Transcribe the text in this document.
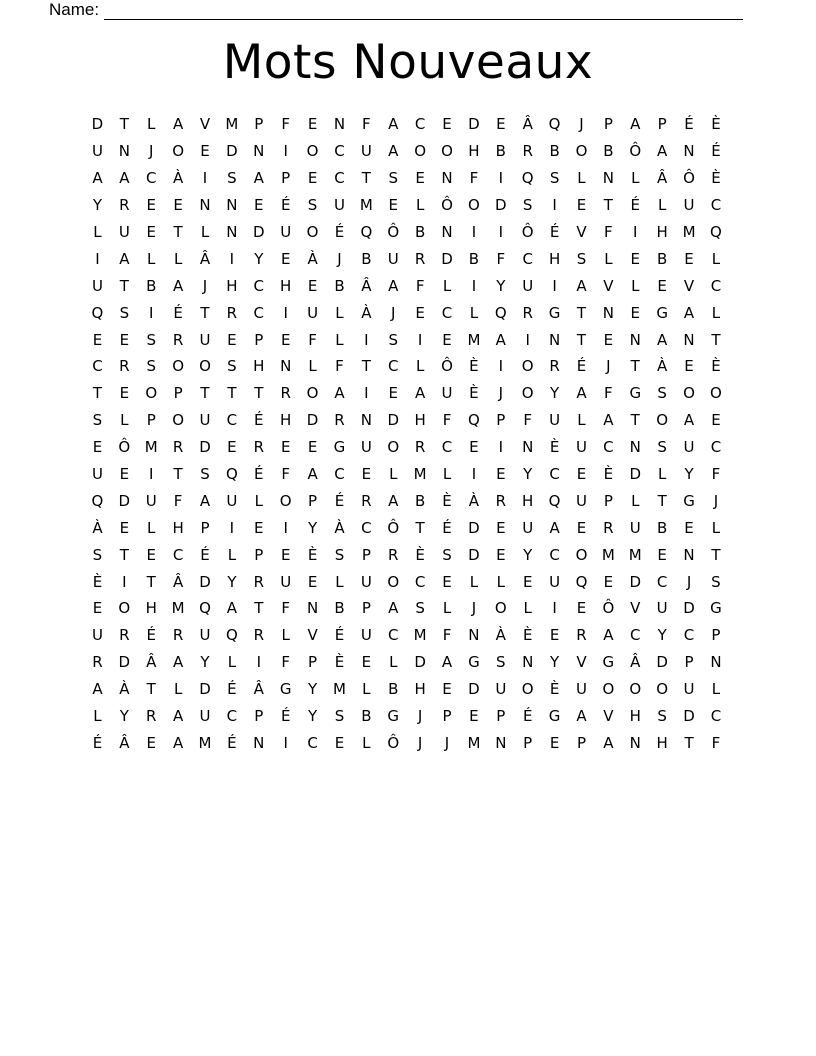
Name:
Mots Nouveaux
D	T	L	A	V	M	P	F	E	N	F	A	C	E	D	E	Â	Q	J	P	A	P	É	È
U	N	J	O	E	D	N	I	O	C	U	A	O	O	H	B	R	B	O	B	Ô	A	N	É
A	A	C	À	I	S	A	P	E	C	T	S	E	N	F	I	Q	S	L	N	L	Â	Ô	È
Y	R	E	E	N	N	E	É	S	U M	E	L	Ô	O	D	S	I	E	T	É	L	U	C
L	U	E	T	L	N	D	U	O	É	Q	Ô	B	N	I	I	Ô	É	V	F	I	H M Q
I	A	L	L	Â	I	Y	E	À	J	B	U	R	D	B	F	C	H	S	L	E	B	E	L
U	T	B	A	J	H	C	H	E	B	Â	A	F	L	I	Y	U	I	A	V	L	E	V	C
Q	S	I	É	T	R	C	I	U	L	À	J	E	C	L	Q	R	G	T	N	E	G	A	L
E	E	S	R	U	E	P	E	F	L	I	S	I	E	M	A	I	N	T	E	N	A	N	T
C	R	S	O	O	S	H	N	L	F	T	C	L	Ô	È	I	O	R	É	J	T	À	E	È
T	E	O	P	T	T	T	R	O	A	I	E	A	U	È	J	O	Y	A	F	G	S	O	O
S	L	P	O	U	C	É	H	D	R	N	D	H	F	Q	P	F	U	L	A	T	O	A	E
E	Ô M	R	D	E	R	E	E	G	U	O	R	C	E	I	N	È	U	C	N	S	U	C
U	E	I	T	S	Q	É	F	A	C	E	L	M	L	I	E	Y	C	E	È	D	L	Y	F
Q	D	U	F	A	U	L	O	P	É	R	A	B	È	À	R	H	Q	U	P	L	T	G	J
À	E	L	H	P	I	E	I	Y	À	C	Ô	T	É	D	E	U	A	E	R	U	B	E	L
S	T	E	C	É	L	P	E	È	S	P	R	È	S	D	E	Y	C	O M M	E	N	T
È	I	T	Â	D	Y	R	U	E	L	U	O	C	E	L	L	E	U	Q	E	D	C	J	S
E	O	H M Q	A	T	F	N	B	P	A	S	L	J	O	L	I	E	Ô	V	U	D	G
U	R	É	R	U	Q	R	L	V	É	U	C	M	F	N	À	È	E	R	A	C	Y	C	P
R	D	Â	A	Y	L	I	F	P	È	E	L	D	A	G	S	N	Y	V	G	Â	D	P	N
A	À	T	L	D	É	Â	G	Y	M	L	B	H	E	D	U	O	È	U	O	O	O	U	L
L	Y	R	A	U	C	P	É	Y	S	B	G	J	P	E	P	É	G	A	V	H	S	D	C
É	Â	E	A	M	É	N	I	C	E	L	Ô	J	J	M N	P	E	P	A	N	H	T	F
